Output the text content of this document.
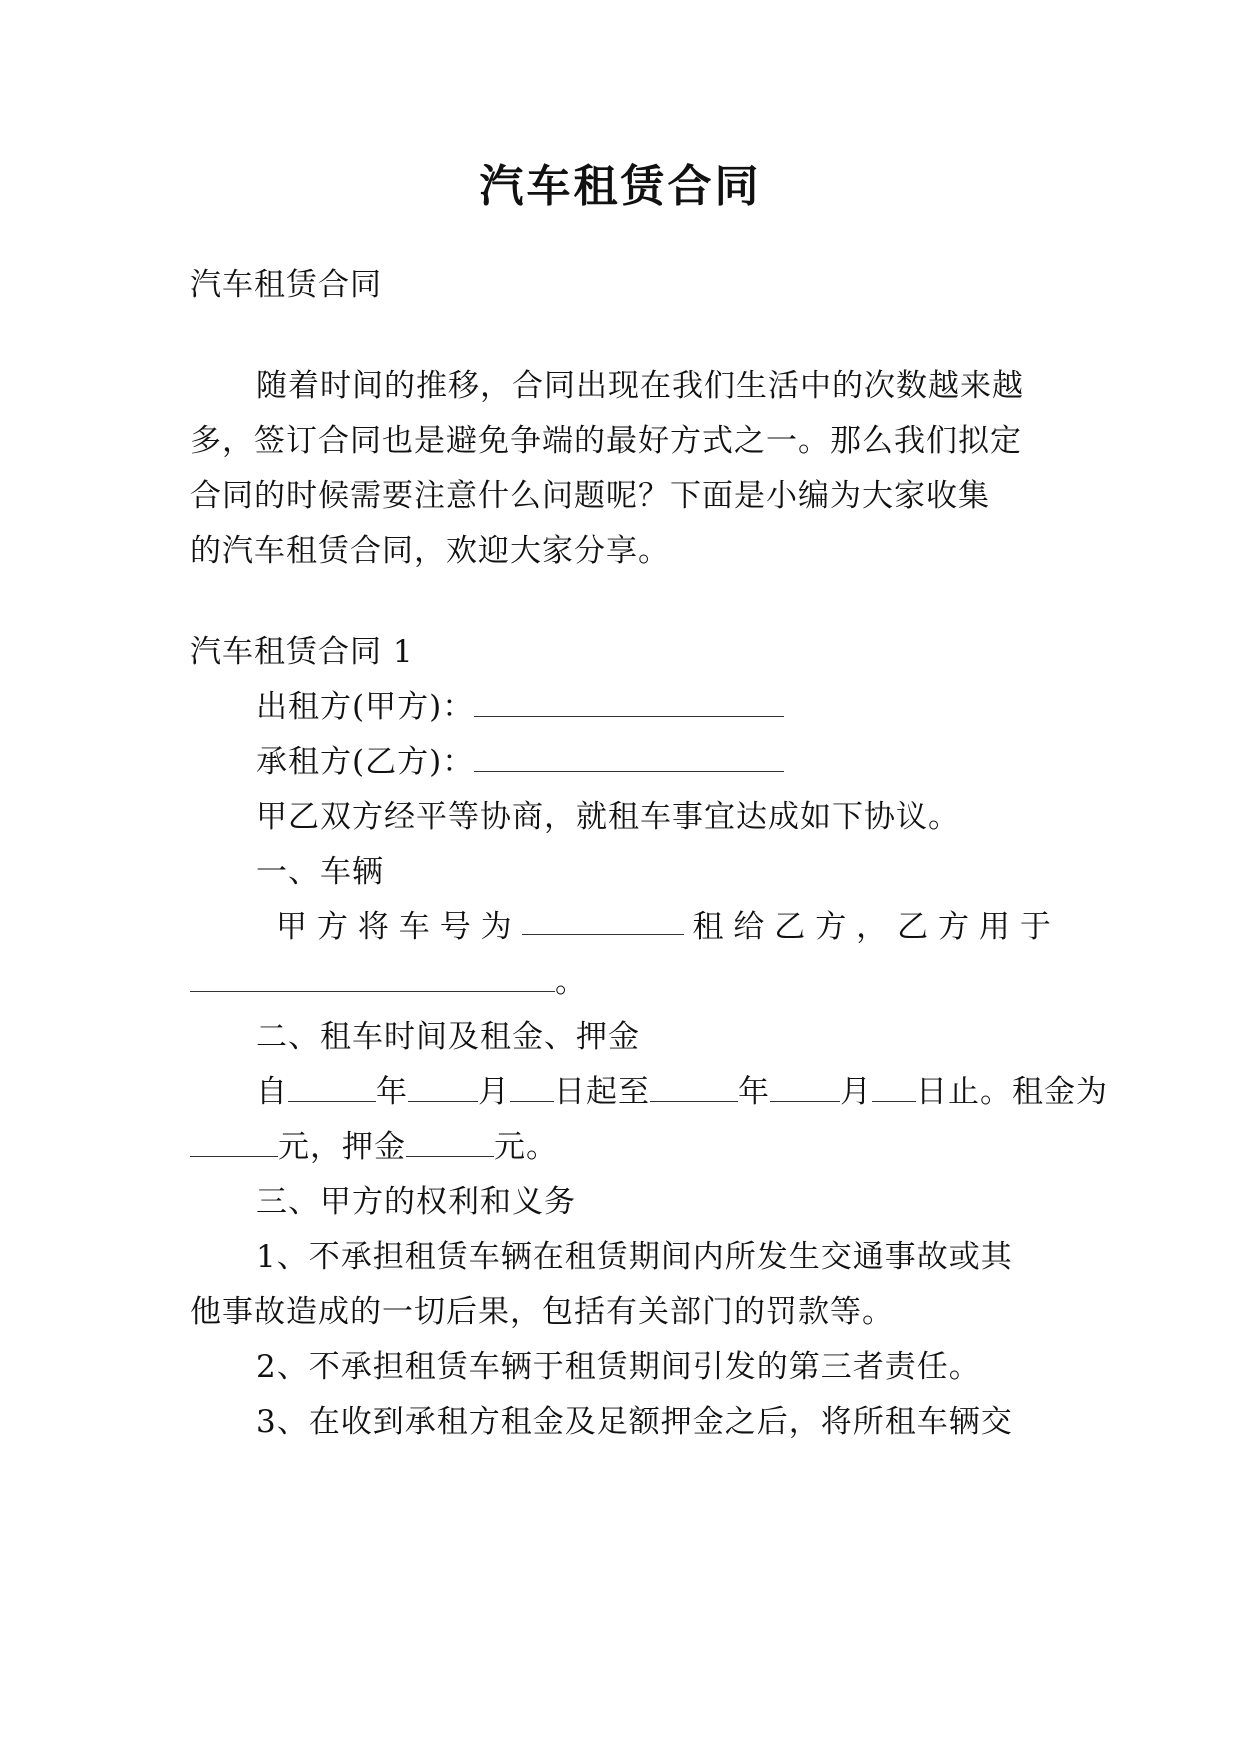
汽车租赁合同
汽车租赁合同
随着时间的推移，合同出现在我们生活中的次数越来越
多，签订合同也是避免争端的最好方式之一。那么我们拟定
合同的时候需要注意什么问题呢？下面是小编为大家收集
的汽车租赁合同，欢迎大家分享。
汽车租赁合同 1
出租方(甲方)：
承租方(乙方)：
甲乙双方经平等协商，就租车事宜达成如下协议。
一、车辆
甲 方 将 车 号 为	租 给 乙 方 ， 乙 方 用 于
。
二、租车时间及租金、押金
自	年 月 日起至	年 月 日止。租金为
元，押金	元。
三、甲方的权利和义务
1、不承担租赁车辆在租赁期间内所发生交通事故或其
他事故造成的一切后果，包括有关部门的罚款等。
2、不承担租赁车辆于租赁期间引发的第三者责任。
3、在收到承租方租金及足额押金之后，将所租车辆交
